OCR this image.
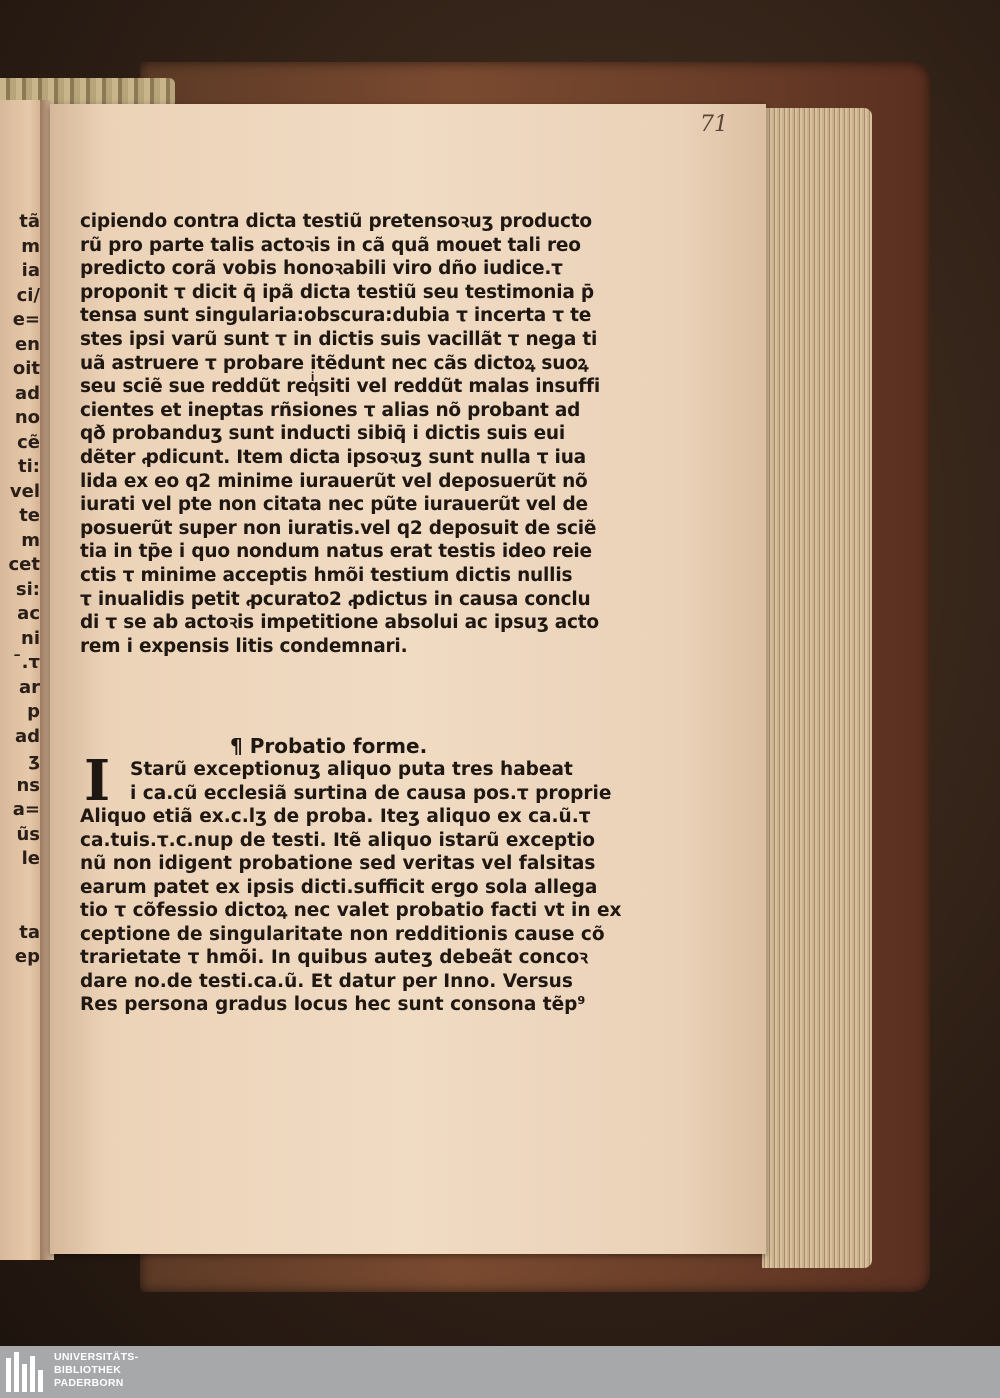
tã
m
ia
ci/
e=
en
oit
ad
no
cẽ
ti:
vel
te
m
cet
si:
ac
ni
̄.τ
ar
p
ad
ʒ
ns
a=
ũs
le
ta
ep
71
cipiendo contra dicta testiũ pretensoꝛuʒ producto
rũ pro parte talis actoꝛis in cã quã mouet tali reo
predicto corã vobis honoꝛabili viro dño iudice.τ
proponit τ dicit q̄ ipã dicta testiũ seu testimonia p̄
tensa sunt singularia:obscura:dubia τ incerta τ te
stes ipsi varũ sunt τ in dictis suis vacillãt τ nega ti
uã astruere τ probare itẽdunt nec cãs dictoꝝ suoꝝ
seu sciẽ sue reddũt reqͥsiti vel reddũt malas insuffi
cientes et ineptas rñsiones τ alias nõ probant ad
qð probanduʒ sunt inducti sibiq̄ i dictis suis eui
dẽter ꝓdicunt. Item dicta ipsoꝛuʒ sunt nulla τ iua
lida ex eo q2 minime iurauerũt vel deposuerũt nõ
iurati vel pte non citata nec pũte iurauerũt vel de
posuerũt super non iuratis.vel q2 deposuit de sciẽ
tia in tp̄e i quo nondum natus erat testis ideo reie
ctis τ minime acceptis hmõi testium dictis nullis
τ inualidis petit ꝓcurato2 ꝓdictus in causa conclu
di τ se ab actoꝛis impetitione absolui ac ipsuʒ acto
rem i expensis litis condemnari.
¶ Probatio forme.
I	Starũ exceptionuʒ aliquo puta tres habeat
i ca.cũ ecclesiã surtina de causa pos.τ proprie
Aliquo etiã ex.c.lʒ de proba. Iteʒ aliquo ex ca.ũ.τ
ca.tuis.τ.c.nup de testi. Itẽ aliquo istarũ exceptio
nũ non idigent probatione sed veritas vel falsitas
earum patet ex ipsis dicti.sufficit ergo sola allega
tio τ cõfessio dictoꝝ nec valet probatio facti vt in ex
ceptione de singularitate non redditionis cause cõ
trarietate τ hmõi. In quibus auteʒ debeãt concoꝛ
dare no.de testi.ca.ũ. Et datur per Inno. Versus
Res persona gradus locus hec sunt consona tẽp⁹
UNIVERSITÄTS-
BIBLIOTHEK
PADERBORN
